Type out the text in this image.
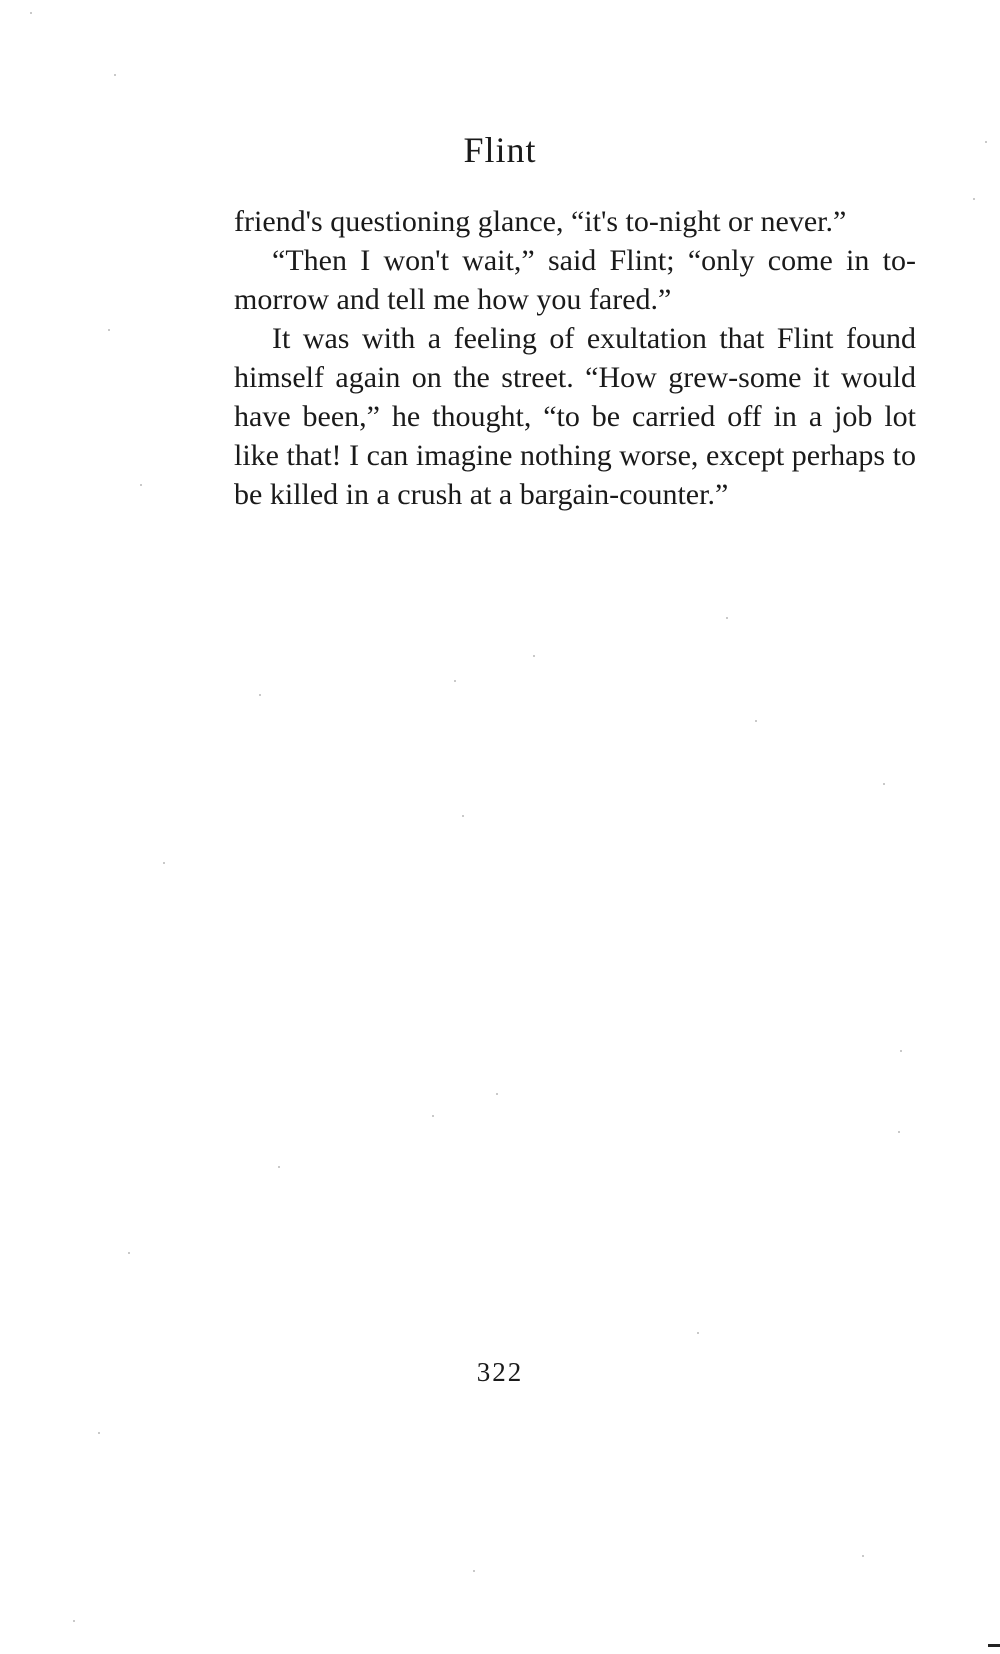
Flint

friend's questioning glance, “it's to-night or never.”

“Then I won't wait,” said Flint; “only come in to-morrow and tell me how you fared.”

It was with a feeling of exultation that Flint found himself again on the street. “How grew-some it would have been,” he thought, “to be carried off in a job lot like that! I can imagine nothing worse, except perhaps to be killed in a crush at a bargain-counter.”

322
